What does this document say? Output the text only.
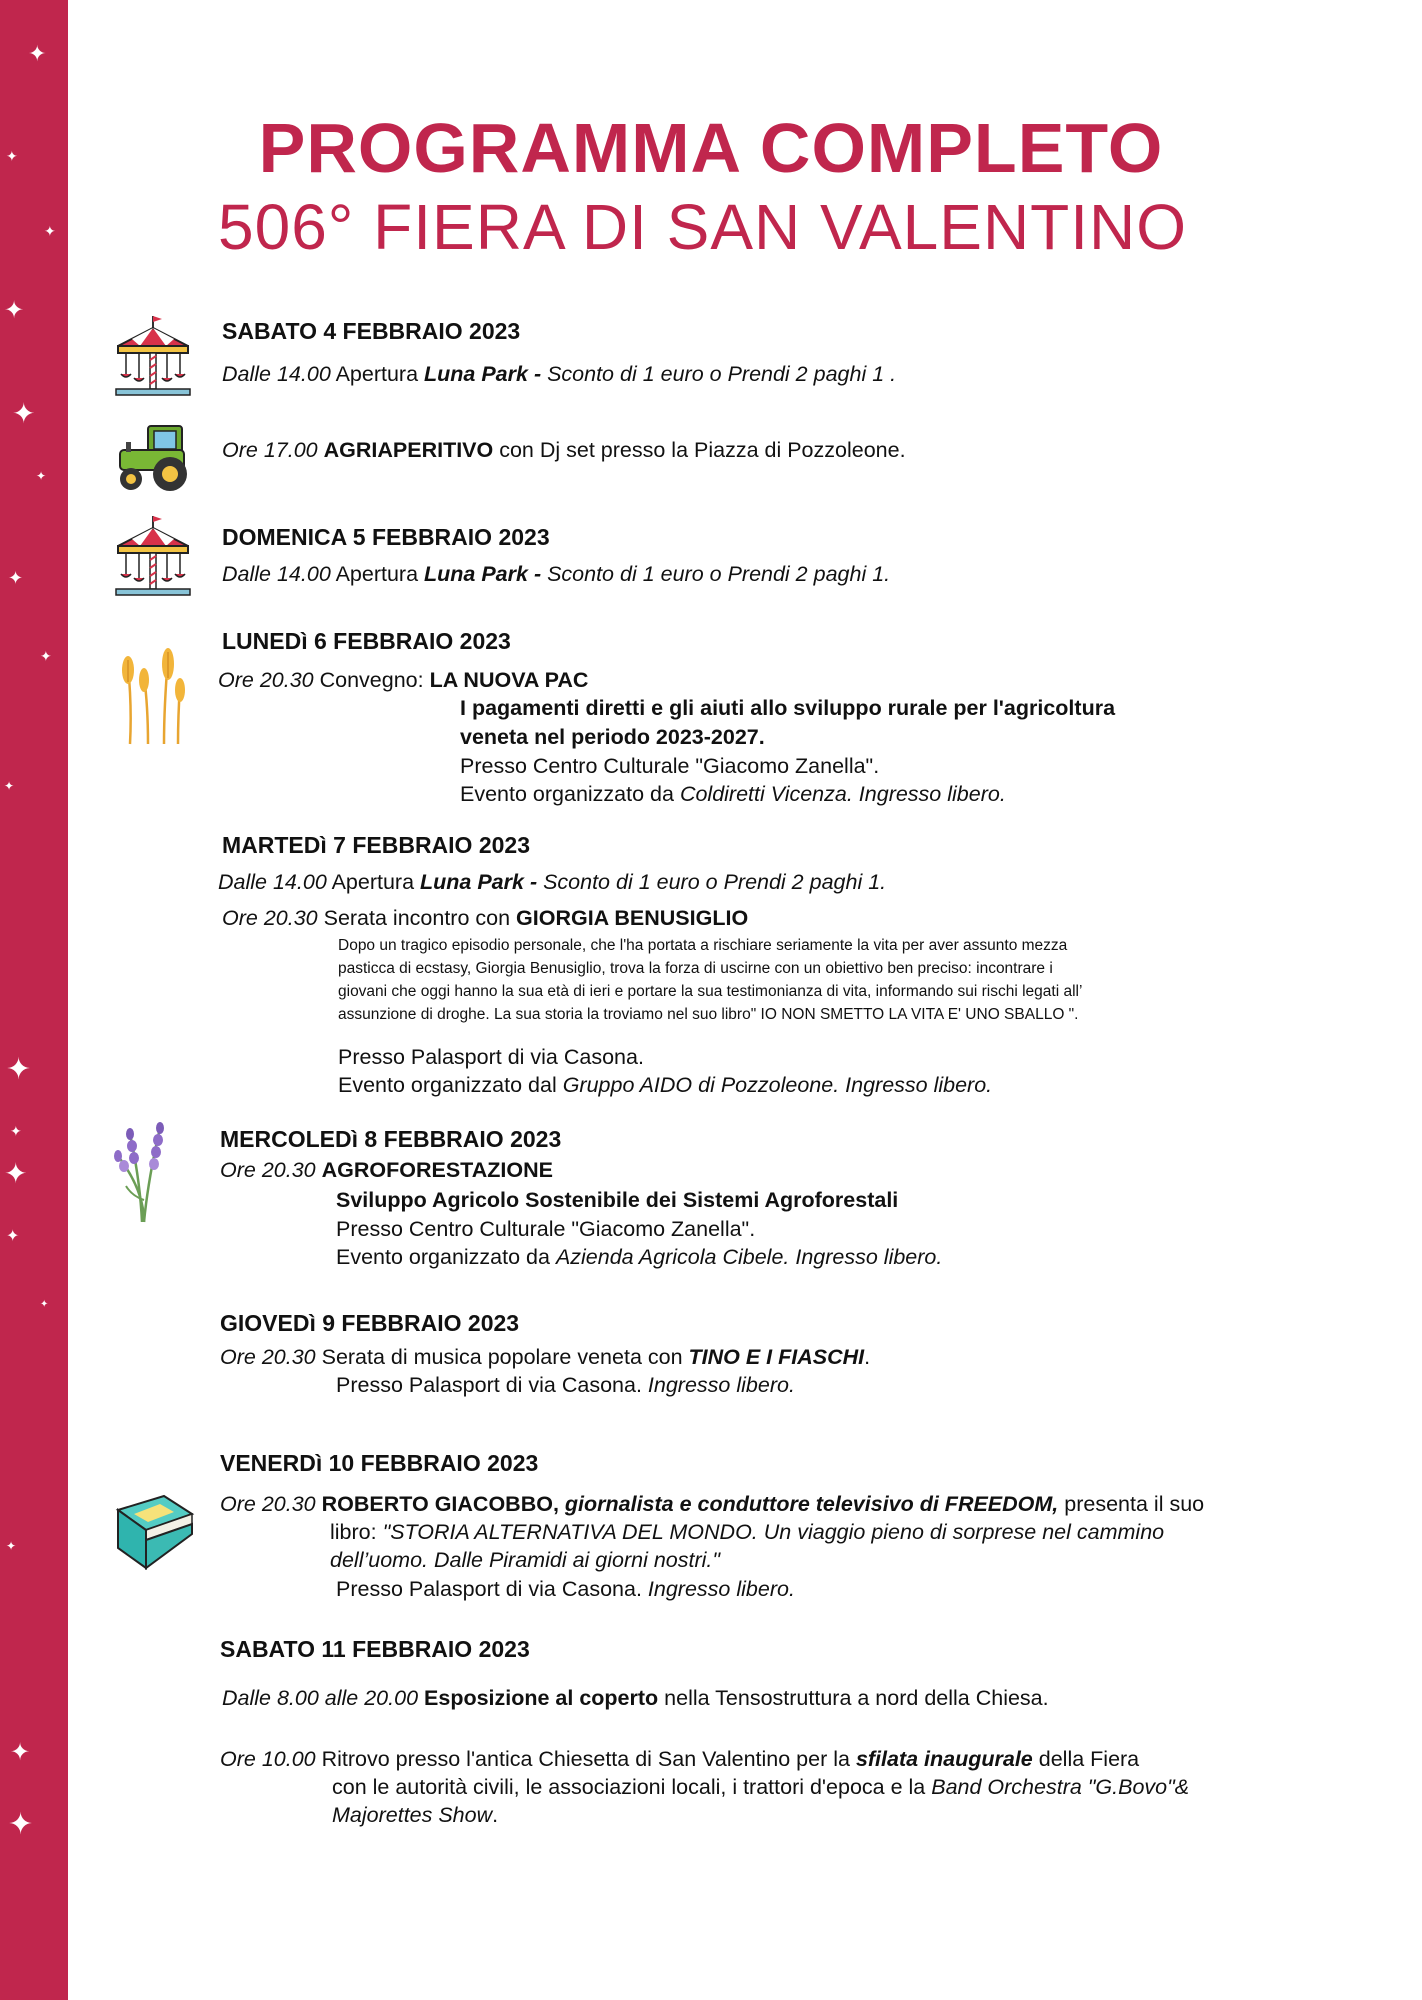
✦
✦
✦
✦
✦
✦
✦
✦
✦
✦
✦
✦
✦
✦
✦
✦
✦
PROGRAMMA COMPLETO
506° FIERA DI SAN VALENTINO
SABATO 4 FEBBRAIO 2023

Dalle 14.00 Apertura Luna Park - Sconto di 1 euro o Prendi 2 paghi 1 .

Ore 17.00 AGRIAPERITIVO con Dj set presso la Piazza di Pozzoleone.

DOMENICA 5 FEBBRAIO 2023

Dalle 14.00 Apertura Luna Park - Sconto di 1 euro o Prendi 2 paghi 1.

LUNEDì 6 FEBBRAIO 2023

Ore 20.30 Convegno: LA NUOVA PAC

I pagamenti diretti e gli aiuti allo sviluppo rurale per l'agricoltura

veneta nel periodo 2023-2027.

Presso Centro Culturale "Giacomo Zanella".

Evento organizzato da Coldiretti Vicenza. Ingresso libero.

MARTEDì 7 FEBBRAIO 2023

Dalle 14.00 Apertura Luna Park - Sconto di 1 euro o Prendi 2 paghi 1.

Ore 20.30 Serata incontro con GIORGIA BENUSIGLIO

Dopo un tragico episodio personale, che l'ha portata a rischiare seriamente la vita per aver assunto mezza

pasticca di ecstasy, Giorgia Benusiglio, trova la forza di uscirne con un obiettivo ben preciso: incontrare i

giovani che oggi hanno la sua età di ieri e portare la sua testimonianza di vita, informando sui rischi legati all’

assunzione di droghe. La sua storia la troviamo nel suo libro" IO NON SMETTO LA VITA E' UNO SBALLO ".

Presso Palasport di via Casona.

Evento organizzato dal Gruppo AIDO di Pozzoleone. Ingresso libero.

MERCOLEDì 8 FEBBRAIO 2023

Ore 20.30 AGROFORESTAZIONE

Sviluppo Agricolo Sostenibile dei Sistemi Agroforestali

Presso Centro Culturale "Giacomo Zanella".

Evento organizzato da Azienda Agricola Cibele. Ingresso libero.

GIOVEDì 9 FEBBRAIO 2023

Ore 20.30 Serata di musica popolare veneta con TINO E I FIASCHI.

Presso Palasport di via Casona. Ingresso libero.

VENERDì 10 FEBBRAIO 2023

Ore 20.30 ROBERTO GIACOBBO, giornalista e conduttore televisivo di FREEDOM, presenta il suo

libro: "STORIA ALTERNATIVA DEL MONDO. Un viaggio pieno di sorprese nel cammino

dell’uomo. Dalle Piramidi ai giorni nostri."

Presso Palasport di via Casona. Ingresso libero.

SABATO 11 FEBBRAIO 2023

Dalle 8.00 alle 20.00 Esposizione al coperto nella Tensostruttura a nord della Chiesa.

Ore 10.00 Ritrovo presso l'antica Chiesetta di San Valentino per la sfilata inaugurale della Fiera

con le autorità civili, le associazioni locali, i trattori d'epoca e la Band Orchestra "G.Bovo"&

Majorettes Show.
